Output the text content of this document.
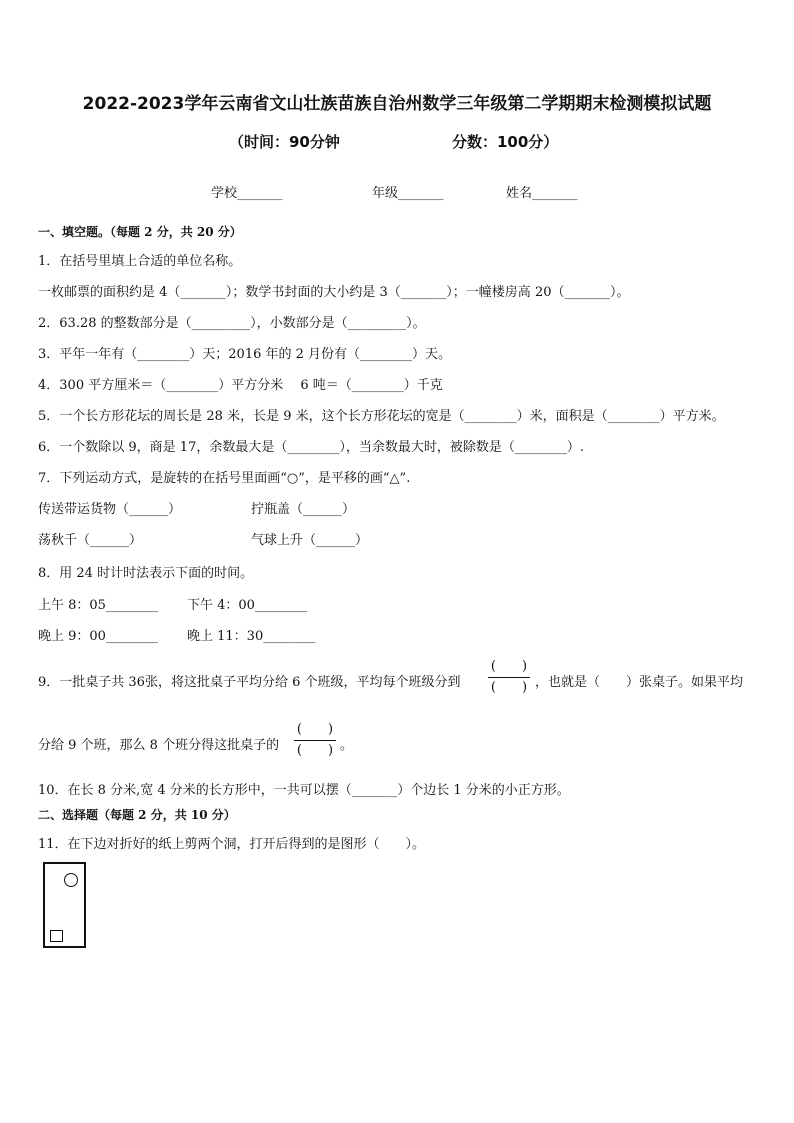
2022-2023学年云南省文山壮族苗族自治州数学三年级第二学期期末检测模拟试题
（时间：90分钟	分数：100分）
学校_______	年级_______	姓名_______
一、填空题。（每题 2 分，共 20 分）
1．在括号里填上合适的单位名称。
一枚邮票的面积约是 4（_______）；数学书封面的大小约是 3（_______）；一幢楼房高 20（_______）。
2．63.28 的整数部分是（_________），小数部分是（_________）。
3．平年一年有（________）天；2016 年的 2 月份有（________）天。
4．300 平方厘米＝（________）平方分米　 6 吨＝（________）千克
5．一个长方形花坛的周长是 28 米，长是 9 米，这个长方形花坛的宽是（________）米，面积是（________）平方米。
6．一个数除以 9，商是 17，余数最大是（________），当余数最大时，被除数是（________）.
7．下列运动方式，是旋转的在括号里面画“○”，是平移的画“△”.
传送带运货物（______）	拧瓶盖（______）
荡秋千（______）	气球上升（______）
8．用 24 时计时法表示下面的时间。
上午 8：05________ 下午 4：00________
晚上 9：00________ 晚上 11：30________
9．一批桌子共 36张，将这批桌子平均分给 6 个班级，平均每个班级分到
(　　)
(　　) ，也就是（　　）张桌子。如果平均
分给 9 个班，那么 8 个班分得这批桌子的
(　　)
(　　) 。
10．在长 8 分米,宽 4 分米的长方形中，一共可以摆（_______）个边长 1 分米的小正方形。
二、选择题（每题 2 分，共 10 分）
11．在下边对折好的纸上剪两个洞，打开后得到的是图形（　　）。
